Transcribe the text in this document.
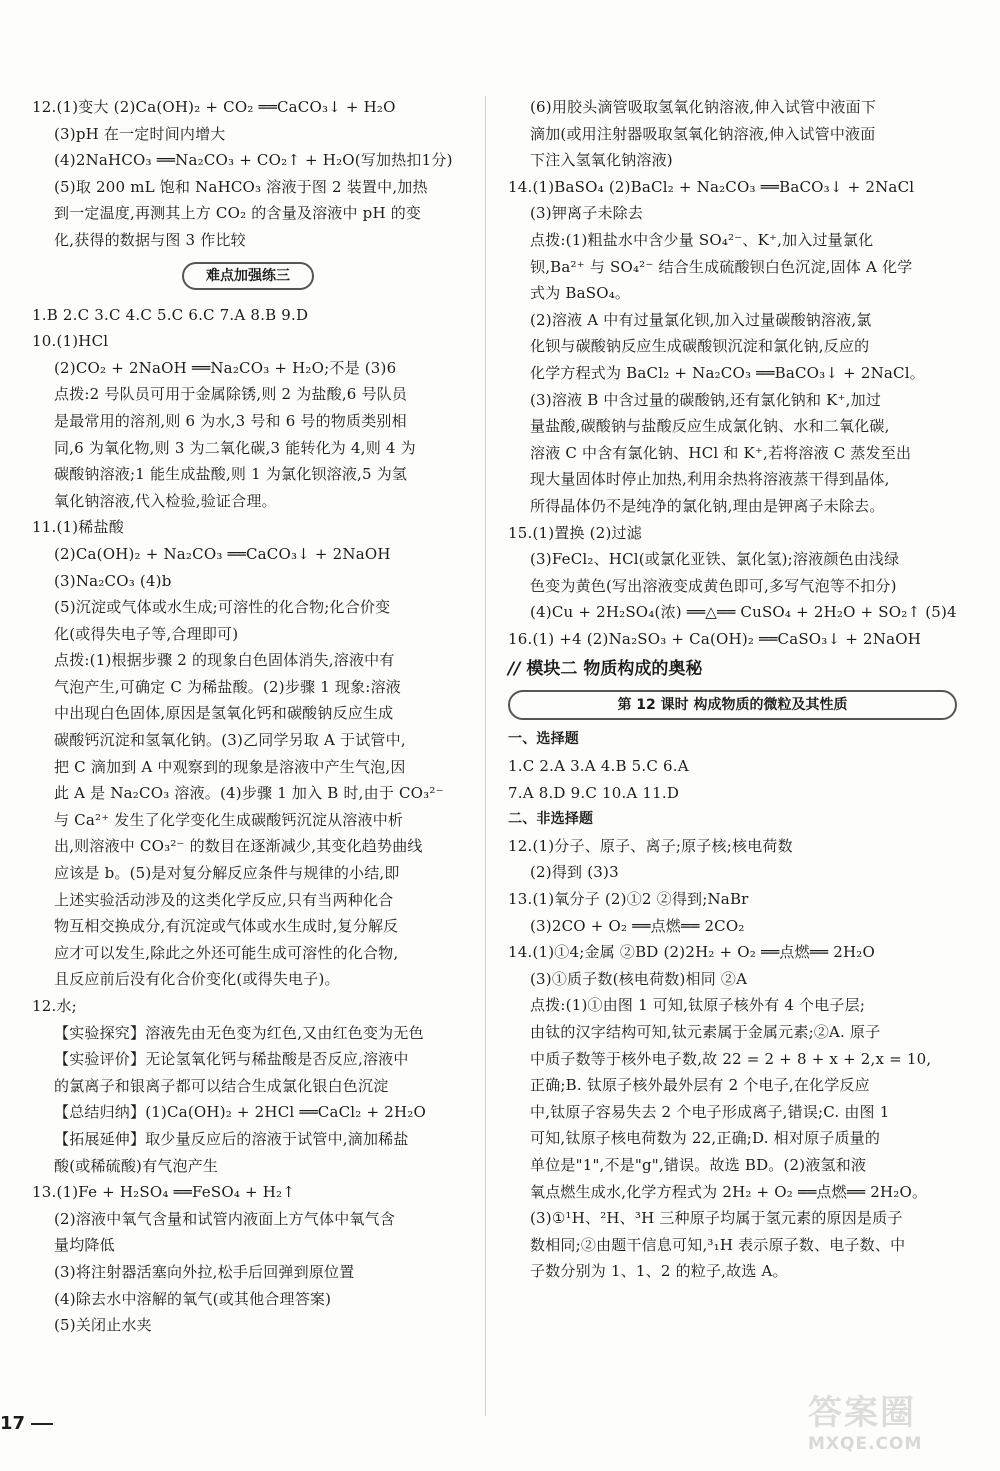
12.(1)变大 (2)Ca(OH)₂ + CO₂ ══CaCO₃↓ + H₂O
(3)pH 在一定时间内增大
(4)2NaHCO₃ ══Na₂CO₃ + CO₂↑ + H₂O(写加热扣1分)
(5)取 200 mL 饱和 NaHCO₃ 溶液于图 2 装置中,加热
到一定温度,再测其上方 CO₂ 的含量及溶液中 pH 的变
化,获得的数据与图 3 作比较
难点加强练三
1.B 2.C 3.C 4.C 5.C 6.C 7.A 8.B 9.D
10.(1)HCl
(2)CO₂ + 2NaOH ══Na₂CO₃ + H₂O;不是 (3)6
点拨:2 号队员可用于金属除锈,则 2 为盐酸,6 号队员
是最常用的溶剂,则 6 为水,3 号和 6 号的物质类别相
同,6 为氧化物,则 3 为二氧化碳,3 能转化为 4,则 4 为
碳酸钠溶液;1 能生成盐酸,则 1 为氯化钡溶液,5 为氢
氧化钠溶液,代入检验,验证合理。
11.(1)稀盐酸
(2)Ca(OH)₂ + Na₂CO₃ ══CaCO₃↓ + 2NaOH
(3)Na₂CO₃ (4)b
(5)沉淀或气体或水生成;可溶性的化合物;化合价变
化(或得失电子等,合理即可)
点拨:(1)根据步骤 2 的现象白色固体消失,溶液中有
气泡产生,可确定 C 为稀盐酸。(2)步骤 1 现象:溶液
中出现白色固体,原因是氢氧化钙和碳酸钠反应生成
碳酸钙沉淀和氢氧化钠。(3)乙同学另取 A 于试管中,
把 C 滴加到 A 中观察到的现象是溶液中产生气泡,因
此 A 是 Na₂CO₃ 溶液。(4)步骤 1 加入 B 时,由于 CO₃²⁻
与 Ca²⁺ 发生了化学变化生成碳酸钙沉淀从溶液中析
出,则溶液中 CO₃²⁻ 的数目在逐渐减少,其变化趋势曲线
应该是 b。(5)是对复分解反应条件与规律的小结,即
上述实验活动涉及的这类化学反应,只有当两种化合
物互相交换成分,有沉淀或气体或水生成时,复分解反
应才可以发生,除此之外还可能生成可溶性的化合物,
且反应前后没有化合价变化(或得失电子)。
12.水;
【实验探究】溶液先由无色变为红色,又由红色变为无色
【实验评价】无论氢氧化钙与稀盐酸是否反应,溶液中
的氯离子和银离子都可以结合生成氯化银白色沉淀
【总结归纳】(1)Ca(OH)₂ + 2HCl ══CaCl₂ + 2H₂O
【拓展延伸】取少量反应后的溶液于试管中,滴加稀盐
酸(或稀硫酸)有气泡产生
13.(1)Fe + H₂SO₄ ══FeSO₄ + H₂↑
(2)溶液中氧气含量和试管内液面上方气体中氧气含
量均降低
(3)将注射器活塞向外拉,松手后回弹到原位置
(4)除去水中溶解的氧气(或其他合理答案)
(5)关闭止水夹
(6)用胶头滴管吸取氢氧化钠溶液,伸入试管中液面下
滴加(或用注射器吸取氢氧化钠溶液,伸入试管中液面
下注入氢氧化钠溶液)
14.(1)BaSO₄ (2)BaCl₂ + Na₂CO₃ ══BaCO₃↓ + 2NaCl
(3)钾离子未除去
点拨:(1)粗盐水中含少量 SO₄²⁻、K⁺,加入过量氯化
钡,Ba²⁺ 与 SO₄²⁻ 结合生成硫酸钡白色沉淀,固体 A 化学
式为 BaSO₄。
(2)溶液 A 中有过量氯化钡,加入过量碳酸钠溶液,氯
化钡与碳酸钠反应生成碳酸钡沉淀和氯化钠,反应的
化学方程式为 BaCl₂ + Na₂CO₃ ══BaCO₃↓ + 2NaCl。
(3)溶液 B 中含过量的碳酸钠,还有氯化钠和 K⁺,加过
量盐酸,碳酸钠与盐酸反应生成氯化钠、水和二氧化碳,
溶液 C 中含有氯化钠、HCl 和 K⁺,若将溶液 C 蒸发至出
现大量固体时停止加热,利用余热将溶液蒸干得到晶体,
所得晶体仍不是纯净的氯化钠,理由是钾离子未除去。
15.(1)置换 (2)过滤
(3)FeCl₂、HCl(或氯化亚铁、氯化氢);溶液颜色由浅绿
色变为黄色(写出溶液变成黄色即可,多写气泡等不扣分)
(4)Cu + 2H₂SO₄(浓) ══△══ CuSO₄ + 2H₂O + SO₂↑ (5)4
16.(1) +4 (2)Na₂SO₃ + Ca(OH)₂ ══CaSO₃↓ + 2NaOH
// 模块二 物质构成的奥秘
第 12 课时 构成物质的微粒及其性质
一、选择题
1.C 2.A 3.A 4.B 5.C 6.A
7.A 8.D 9.C 10.A 11.D
二、非选择题
12.(1)分子、原子、离子;原子核;核电荷数
(2)得到 (3)3
13.(1)氧分子 (2)①2 ②得到;NaBr
(3)2CO + O₂ ══点燃══ 2CO₂
14.(1)①4;金属 ②BD (2)2H₂ + O₂ ══点燃══ 2H₂O
(3)①质子数(核电荷数)相同 ②A
点拨:(1)①由图 1 可知,钛原子核外有 4 个电子层;
由钛的汉字结构可知,钛元素属于金属元素;②A. 原子
中质子数等于核外电子数,故 22 = 2 + 8 + x + 2,x = 10,
正确;B. 钛原子核外最外层有 2 个电子,在化学反应
中,钛原子容易失去 2 个电子形成离子,错误;C. 由图 1
可知,钛原子核电荷数为 22,正确;D. 相对原子质量的
单位是"1",不是"g",错误。故选 BD。(2)液氢和液
氧点燃生成水,化学方程式为 2H₂ + O₂ ══点燃══ 2H₂O。
(3)①¹H、²H、³H 三种原子均属于氢元素的原因是质子
数相同;②由题干信息可知,³₁H 表示原子数、电子数、中
子数分别为 1、1、2 的粒子,故选 A。
17	答案圈
MXQE.COM
